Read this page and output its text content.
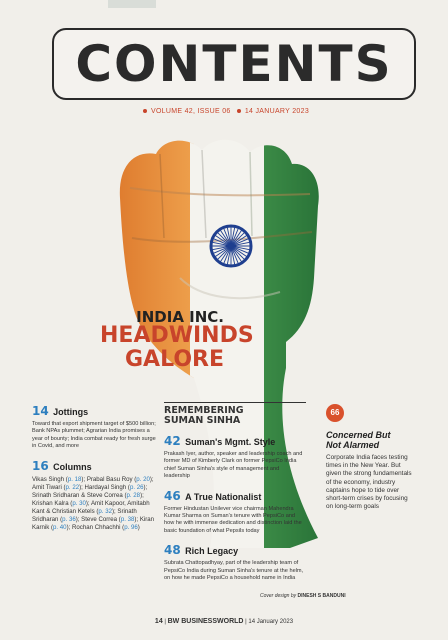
CONTENTS
VOLUME 42, ISSUE 06 14 JANUARY 2023
INDIA INC.
HEADWINDS
GALORE
14 Jottings
Toward that export shipment target of $500 billion; Bank NPAs plummet; Agrarian India promises a year of bounty; India combat ready for fresh surge in Covid, and more
16 Columns
Vikas Singh (p. 18); Prabal Basu Roy (p. 20); Amit Tiwari (p. 22); Hardayal Singh (p. 26); Srinath Sridharan & Steve Correa (p. 28); Krishan Kalra (p. 30); Amit Kapoor, Amitabh Kant & Christian Ketels (p. 32); Srinath Sridharan (p. 36); Steve Correa (p. 38); Kiran Karnik (p. 40); Rochan Chhachhi (p. 96)
REMEMBERING
SUMAN SINHA
42 Suman's Mgmt. Style
Prakash Iyer, author, speaker and leadership coach and former MD of Kimberly Clark on former PepsiCo India chief Suman Sinha's style of management and leadership
46 A True Nationalist
Former Hindustan Unilever vice chairman Mahendra Kumar Sharma on Suman's tenure with PepsiCo and how he with immense dedication and distinction laid the basic foundation of what PepsiIs today
48 Rich Legacy
Subrata Chattopadhyay, part of the leadership team of PepsiCo India during Suman Sinha's tenure at the helm, on how he made PepsiCo a household name in India
66
Concerned But
Not Alarmed
Corporate India faces testing times in the New Year. But given the strong fundamentals of the economy, industry captains hope to tide over short-term crises by focusing on long-term goals
Cover design by DINESH S BANDUNI
14 | BW BUSINESSWORLD | 14 January 2023
